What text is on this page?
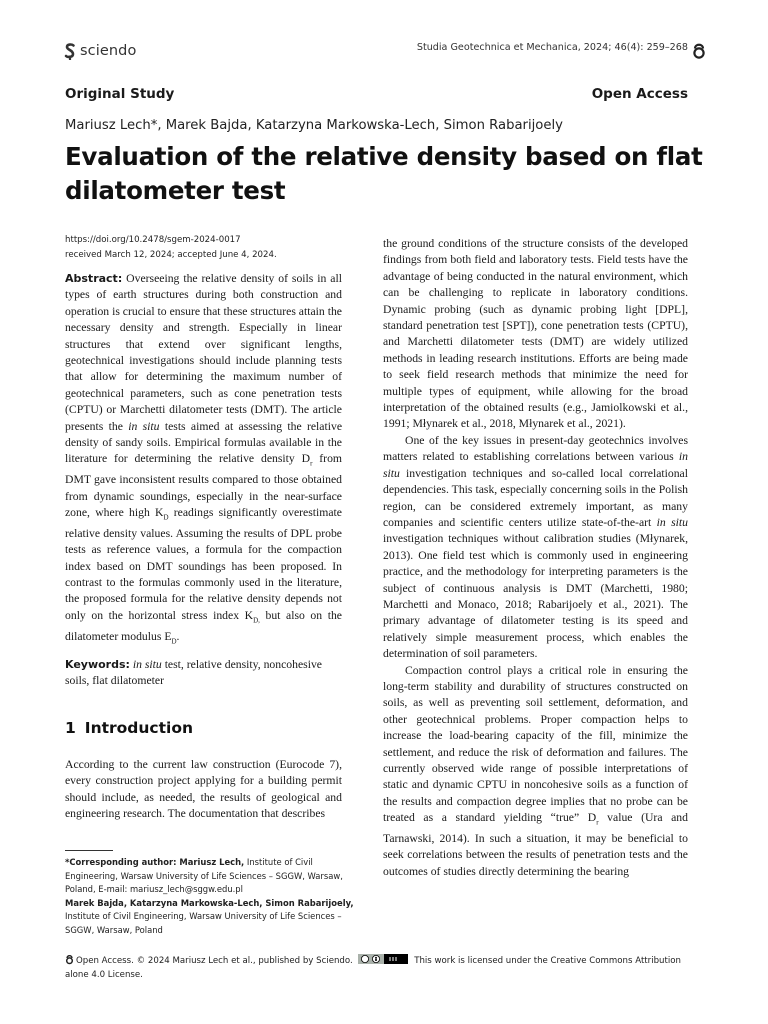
sciendo	Studia Geotechnica et Mechanica, 2024; 46(4): 259–268
Original Study	Open Access
Mariusz Lech*, Marek Bajda, Katarzyna Markowska-Lech, Simon Rabarijoely
Evaluation of the relative density based on flat dilatometer test
https://doi.org/10.2478/sgem-2024-0017
received March 12, 2024; accepted June 4, 2024.

Abstract: Overseeing the relative density of soils in all types of earth structures during both construction and operation is crucial to ensure that these structures attain the necessary density and strength. Especially in linear structures that extend over significant lengths, geotechnical investigations should include planning tests that allow for determining the maximum number of geotechnical parameters, such as cone penetration tests (CPTU) or Marchetti dilatometer tests (DMT). The article presents the in situ tests aimed at assessing the relative density of sandy soils. Empirical formulas available in the literature for determining the relative density $D_r$ from DMT gave inconsistent results compared to those obtained from dynamic soundings, especially in the near-surface zone, where high $K_D$ readings significantly overestimate relative density values. Assuming the results of DPL probe tests as reference values, a formula for the compaction index based on DMT soundings has been proposed. In contrast to the formulas commonly used in the literature, the proposed formula for the relative density depends not only on the horizontal stress index $K_{D,}$ but also on the dilatometer modulus $E_D$.

Keywords: in situ test, relative density, noncohesive soils, flat dilatometer
1 Introduction
According to the current law construction (Eurocode 7), every construction project applying for a building permit should include, as needed, the results of geological and engineering research. The documentation that describes

*Corresponding author: Mariusz Lech, Institute of Civil Engineering, Warsaw University of Life Sciences – SGGW, Warsaw, Poland, E-mail: mariusz_lech@sggw.edu.pl

Marek Bajda, Katarzyna Markowska-Lech, Simon Rabarijoely, Institute of Civil Engineering, Warsaw University of Life Sciences – SGGW, Warsaw, Poland

the ground conditions of the structure consists of the developed findings from both field and laboratory tests. Field tests have the advantage of being conducted in the natural environment, which can be challenging to replicate in laboratory conditions. Dynamic probing (such as dynamic probing light [DPL], standard penetration test [SPT]), cone penetration tests (CPTU), and Marchetti dilatometer tests (DMT) are widely utilized methods in leading research institutions. Efforts are being made to seek field research methods that minimize the need for multiple types of equipment, while allowing for the broad interpretation of the obtained results (e.g., Jamiolkowski et al., 1991; Młynarek et al., 2018, Młynarek et al., 2021).

One of the key issues in present-day geotechnics involves matters related to establishing correlations between various in situ investigation techniques and so-called local correlational dependencies. This task, especially concerning soils in the Polish region, can be considered extremely important, as many companies and scientific centers utilize state-of-the-art in situ investigation techniques without calibration studies (Młynarek, 2013). One field test which is commonly used in engineering practice, and the methodology for interpreting parameters is the subject of continuous analysis is DMT (Marchetti, 1980; Marchetti and Monaco, 2018; Rabarijoely et al., 2021). The primary advantage of dilatometer testing is its speed and relatively simple measurement process, which enables the determination of soil parameters.

Compaction control plays a critical role in ensuring the long-term stability and durability of structures constructed on soils, as well as preventing soil settlement, deformation, and other geotechnical problems. Proper compaction helps to increase the load-bearing capacity of the fill, minimize the settlement, and reduce the risk of deformation and failures. The currently observed wide range of possible interpretations of static and dynamic CPTU in noncohesive soils as a function of the results and compaction degree implies that no probe can be treated as a standard yielding “true” $D_r$ value (Ura and Tarnawski, 2014). In such a situation, it may be beneficial to seek correlations between the results of penetration tests and the outcomes of studies directly determining the bearing

Open Access. © 2024 Mariusz Lech et al., published by Sciendo.	This work is licensed under the Creative Commons Attribution alone 4.0 License.
